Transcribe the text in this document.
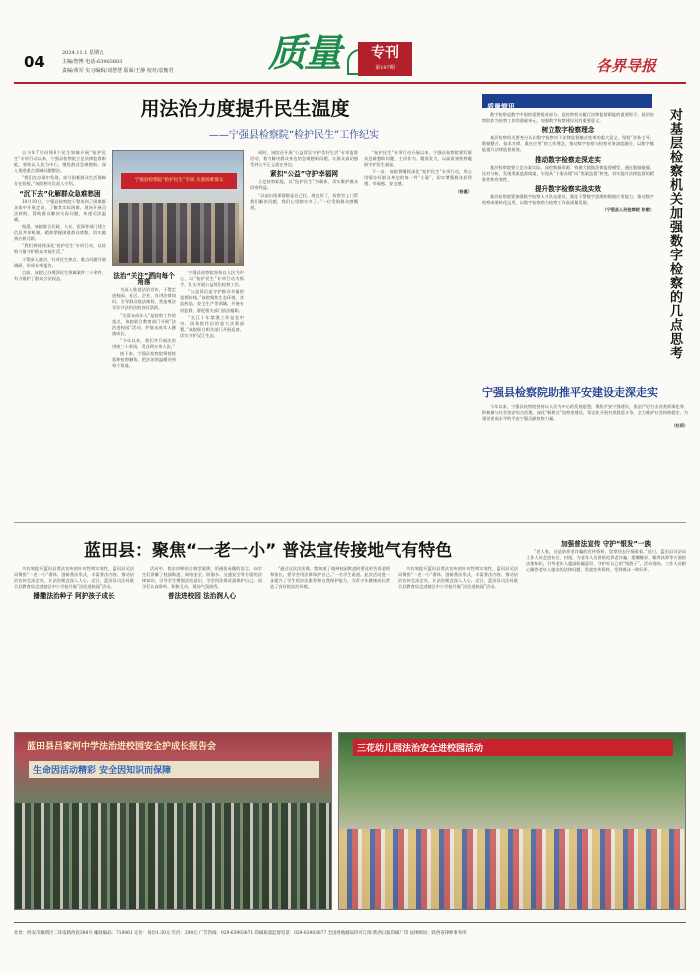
04	2024.11.1 星期五
主编/智博 电话:63903603
责编/黄军 实习编辑/刘慧慧 版面/王静 校对/袁衡君 质量	专刊
第197期	各界导报
用法治力度提升民生温度
——宁强县检察院“检护民生”工作纪实

自今年7月份将6个民生领域开展“检护民生”专项行动以来，宁强县检察院立足法律监督职能，坚持以人民为中心，聚焦群众急难愁盼，深入推进重点领域问题整治。

“我们在办案中发现，部分困难群众生活保障存在短板。”该院相关负责人介绍。

“沉下去”化解群众急难愁困

10月10日，宁强县检察院干警来到了困难群众家中开展走访，了解其实际困难，现场开展司法救助，帮助群众解决实际问题，传递司法温暖。

据悉，该院联合民政、人社、医保等部门建立信息共享机制，精准掌握困难群众底数，切实做到应救尽救。

“我们将持续深化‘检护民生’专项行动，以检察力量守护群众幸福生活。”

干警深入基层，针对民生热点、难点问题开展调研，形成专项报告。

目前，该院已办理涉民生领域案件二十余件，有力维护了群众合法权益。

宁强县检察院“检护民生”专项 关爱困难群众
法治“关注”洒向每个角落

为深入推进法治宣传，干警走进校园、社区、企业，宣讲法律知识，引导群众依法维权，营造尊法学法守法用法的良好氛围。

“关爱未成年人”是检察工作的重点，该院联合教育部门开展“法治进校园”活动，护航未成年人健康成长。

“今年以来，我们共开展法治讲座三十余场，受众两万余人次。”

接下来，宁强县检察院将持续延伸检察触角，把法治的温暖送到每个角落。

宁强县检察院坚持以人民为中心，以“检护民生”专项行动为抓手，扎实开展公益诉讼检察工作。

“公益诉讼是守护群众幸福的重要防线。”该院聚焦生态环境、食品药品、安全生产等领域，开展专项监督，督促相关部门依法履职。

“长江十年禁渔工作是党中央、国务院作出的重大决策部署。”该院联合相关部门开展巡查，切实守护汉江生态。

同时，该院还开展“公益诉讼守护美好生活”专项监督活动，着力解决群众身边的急难愁盼问题，让群众真切感受到公平正义就在身边。

紧扣“公益”守护幸福网

立足检察职能，以“检护民生”为载体，切实维护群众切身利益。

“以前出现事情都是自己扛，现在好了，检察官上门帮我们解决问题，我们心里踏实多了。”一位受助群众感慨道。

“检护民生”专项行动开展以来，宁强县检察院紧盯群众急难愁盼问题，主动作为、精准发力，以高质效检察履职守护民生福祉。

下一步，该院将继续深化“检护民生”专项行动，用心用情办好群众身边的每一件“小案”，切实增强群众获得感、幸福感、安全感。

（杨惠）
质量简讯
对基层检察机关加强数字检察的几点思考

数字检察是数字中国的重要组成部分，是检察机关履行法律监督职能的重要抓手。基层检察院作为检察工作的基础单元，加强数字检察建设具有重要意义。

树立数字检察理念

基层检察机关要充分认识数字检察对于法律监督模式变革的重大意义，坚持“业务主导、数据整合、技术支撑、重在应用”的工作理念，推动数字检察与检察业务深度融合，以数字赋能提升法律监督质效。

推动数字检察走深走实

基层检察院要立足办案实际，深挖数据资源，构建大数据法律监督模型，通过数据碰撞、比对分析，发现类案监督线索，实现从“个案办理”向“类案监督”转变，切实提升法律监督的精准性和有效性。

提升数字检察实战实效

基层检察院要加强数字检察人才队伍建设，强化干警数字思维和数据应用能力，推动数字检察成果转化运用，以数字检察助力检察工作高质量发展。

（宁强县人民检察院 张敏）
宁强县检察院助推平安建设走深走实

今年以来，宁强县检察院坚持以人民为中心的发展思想，聚焦平安宁强建设，依法严厉打击各类刑事犯罪，积极参与社会治安综合治理，深化“枫桥式”检察室建设，常态化开展扫黑除恶斗争，全力维护社会和谐稳定，为建设更高水平的平安宁强贡献检察力量。

（杜莉）
蓝田县：聚焦“一老一小” 普法宣传接地气有特色

为有效提升蓝田县普法宣传的针对性和实效性，蓝田县司法局聚焦“一老一小”群体，创新普法形式，丰富普法内容，推动法治宣传走深走实，让法治理念深入人心。近日，蓝田县司法局联合县教育局走进辖区中小学校开展“法治进校园”活动。

播撒法治种子 阿护孩子成长

活动中，普法讲师结合典型案例，用通俗易懂的语言，向学生们讲解了校园欺凌、网络安全、防溺水、交通安全等方面的法律知识，引导学生增强法治意识，学会用法律武器保护自己。同学们认真聆听、积极互动，现场气氛热烈。

普法进校园 法治润人心

“通过这次法治课，我知道了遇到校园欺凌时要及时告诉老师和家长，要学会用法律保护自己。”一名学生说道。此次活动进一步提升了学生的法治素养和自我保护能力，为青少年健康成长营造了良好的法治环境。

为有效提升蓝田县普法宣传的针对性和实效性，蓝田县司法局聚焦“一老一小”群体，创新普法形式，丰富普法内容，推动法治宣传走深走实，让法治理念深入人心。近日，蓝田县司法局联合县教育局走进辖区中小学校开展“法治进校园”活动。

加强普法宣传 守护“银发”一族

“老人家，这是防养老诈骗的宣传资料，您拿回去仔细看看。”近日，蓝田县司法局工作人员走进社区、村组，为老年人宣讲防范养老诈骗、遗嘱继承、赡养扶养等方面的法律知识，引导老年人提高防骗意识，守护好自己的“钱袋子”。活动现场，工作人员耐心解答老年人提出的法律问题，发放宣传资料，受到群众一致好评。

蓝田县吕家河中学法治进校园安全护成长报告会
生命因活动精彩 安全因知识而保障
三花幼儿园法治安全进校园活动
社址：西安市雁塔区二环南路西段388号 邮政编码：710061 定价：每份1.30元 年价：298元 广告热线：029-63903671 印刷质量监督电话：029-63903677 全国各地邮局均可订阅 陕西日报印刷厂印 法律顾问：陕西省律师事务所
